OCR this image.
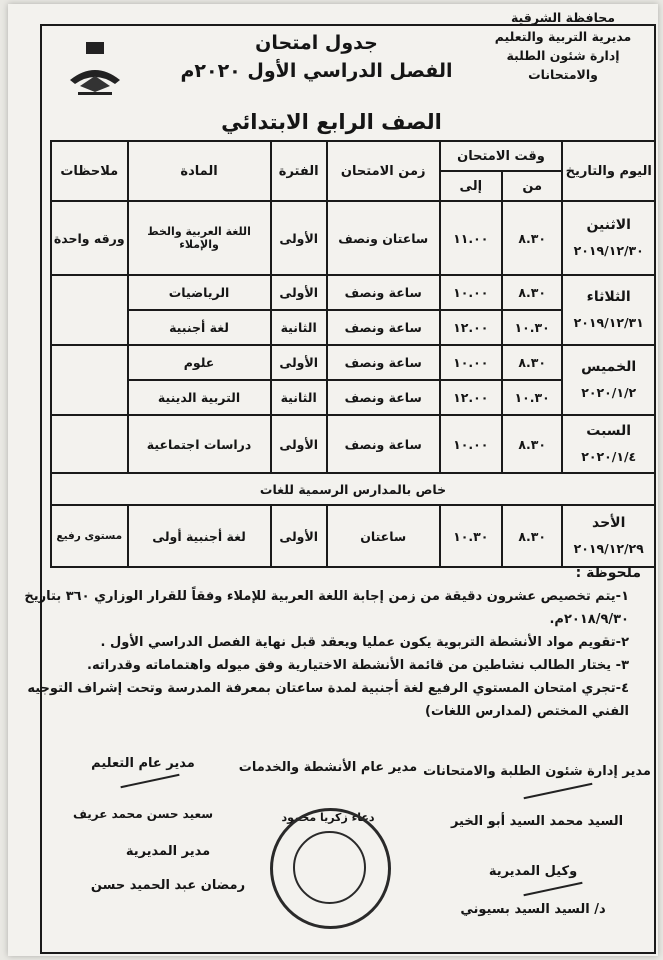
محافظة الشرقية
مديرية التربية والتعليم
إدارة شئون الطلبة والامتحانات
جدول امتحان
الفصل الدراسي الأول ٢٠٢٠م
الصف الرابع الابتدائي
اليوم والتاريخ	وقت الامتحان		زمن الامتحان	الفترة	المادة	ملاحظات
	من	إلى				

الاثنين
٢٠١٩/١٢/٣٠	٨.٣٠	١١.٠٠	ساعتان ونصف	الأولى	اللغة العربية والخط والإملاء	ورقه واحدة

الثلاثاء
٢٠١٩/١٢/٣١	٨.٣٠	١٠.٠٠	ساعة ونصف	الأولى	الرياضيات	
	١٠.٣٠	١٢.٠٠	ساعة ونصف	الثانية	لغة أجنبية	

الخميس
٢٠٢٠/١/٢	٨.٣٠	١٠.٠٠	ساعة ونصف	الأولى	علوم	
	١٠.٣٠	١٢.٠٠	ساعة ونصف	الثانية	التربية الدينية	

السبت
٢٠٢٠/١/٤	٨.٣٠	١٠.٠٠	ساعة ونصف	الأولى	دراسات اجتماعية	
خاص بالمدارس الرسمية للغات						

الأحد
٢٠١٩/١٢/٢٩	٨.٣٠	١٠.٣٠	ساعتان	الأولى	لغة أجنبية أولى	مستوى رفيع
ملحوظة :

١-يتم تخصيص عشرون دقيقة من زمن إجابة اللغة العربية للإملاء وفقاً للقرار الوزاري ٣٦٠ بتاريخ ٢٠١٨/٩/٣٠م.

٢-تقويم مواد الأنشطة التربوية يكون عمليا ويعقد قبل نهاية الفصل الدراسي الأول .

٣- يختار الطالب نشاطين من قائمة الأنشطة الاختيارية وفق ميوله واهتماماته وقدراته.

٤-تجري امتحان المستوي الرفيع لغة أجنبية لمدة ساعتان بمعرفة المدرسة وتحت إشراف التوجيه الفني المختص (لمدارس اللغات)

مدير إدارة شئون الطلبة والامتحانات
السيد محمد السيد أبو الخير
مدير عام الأنشطة والخدمات
دعاء زكريا محمود
مدير عام التعليم
سعيد حسن محمد عريف
مدير المديرية
رمضان عبد الحميد حسن
وكيل المديرية
د/ السيد السيد بسيوني
